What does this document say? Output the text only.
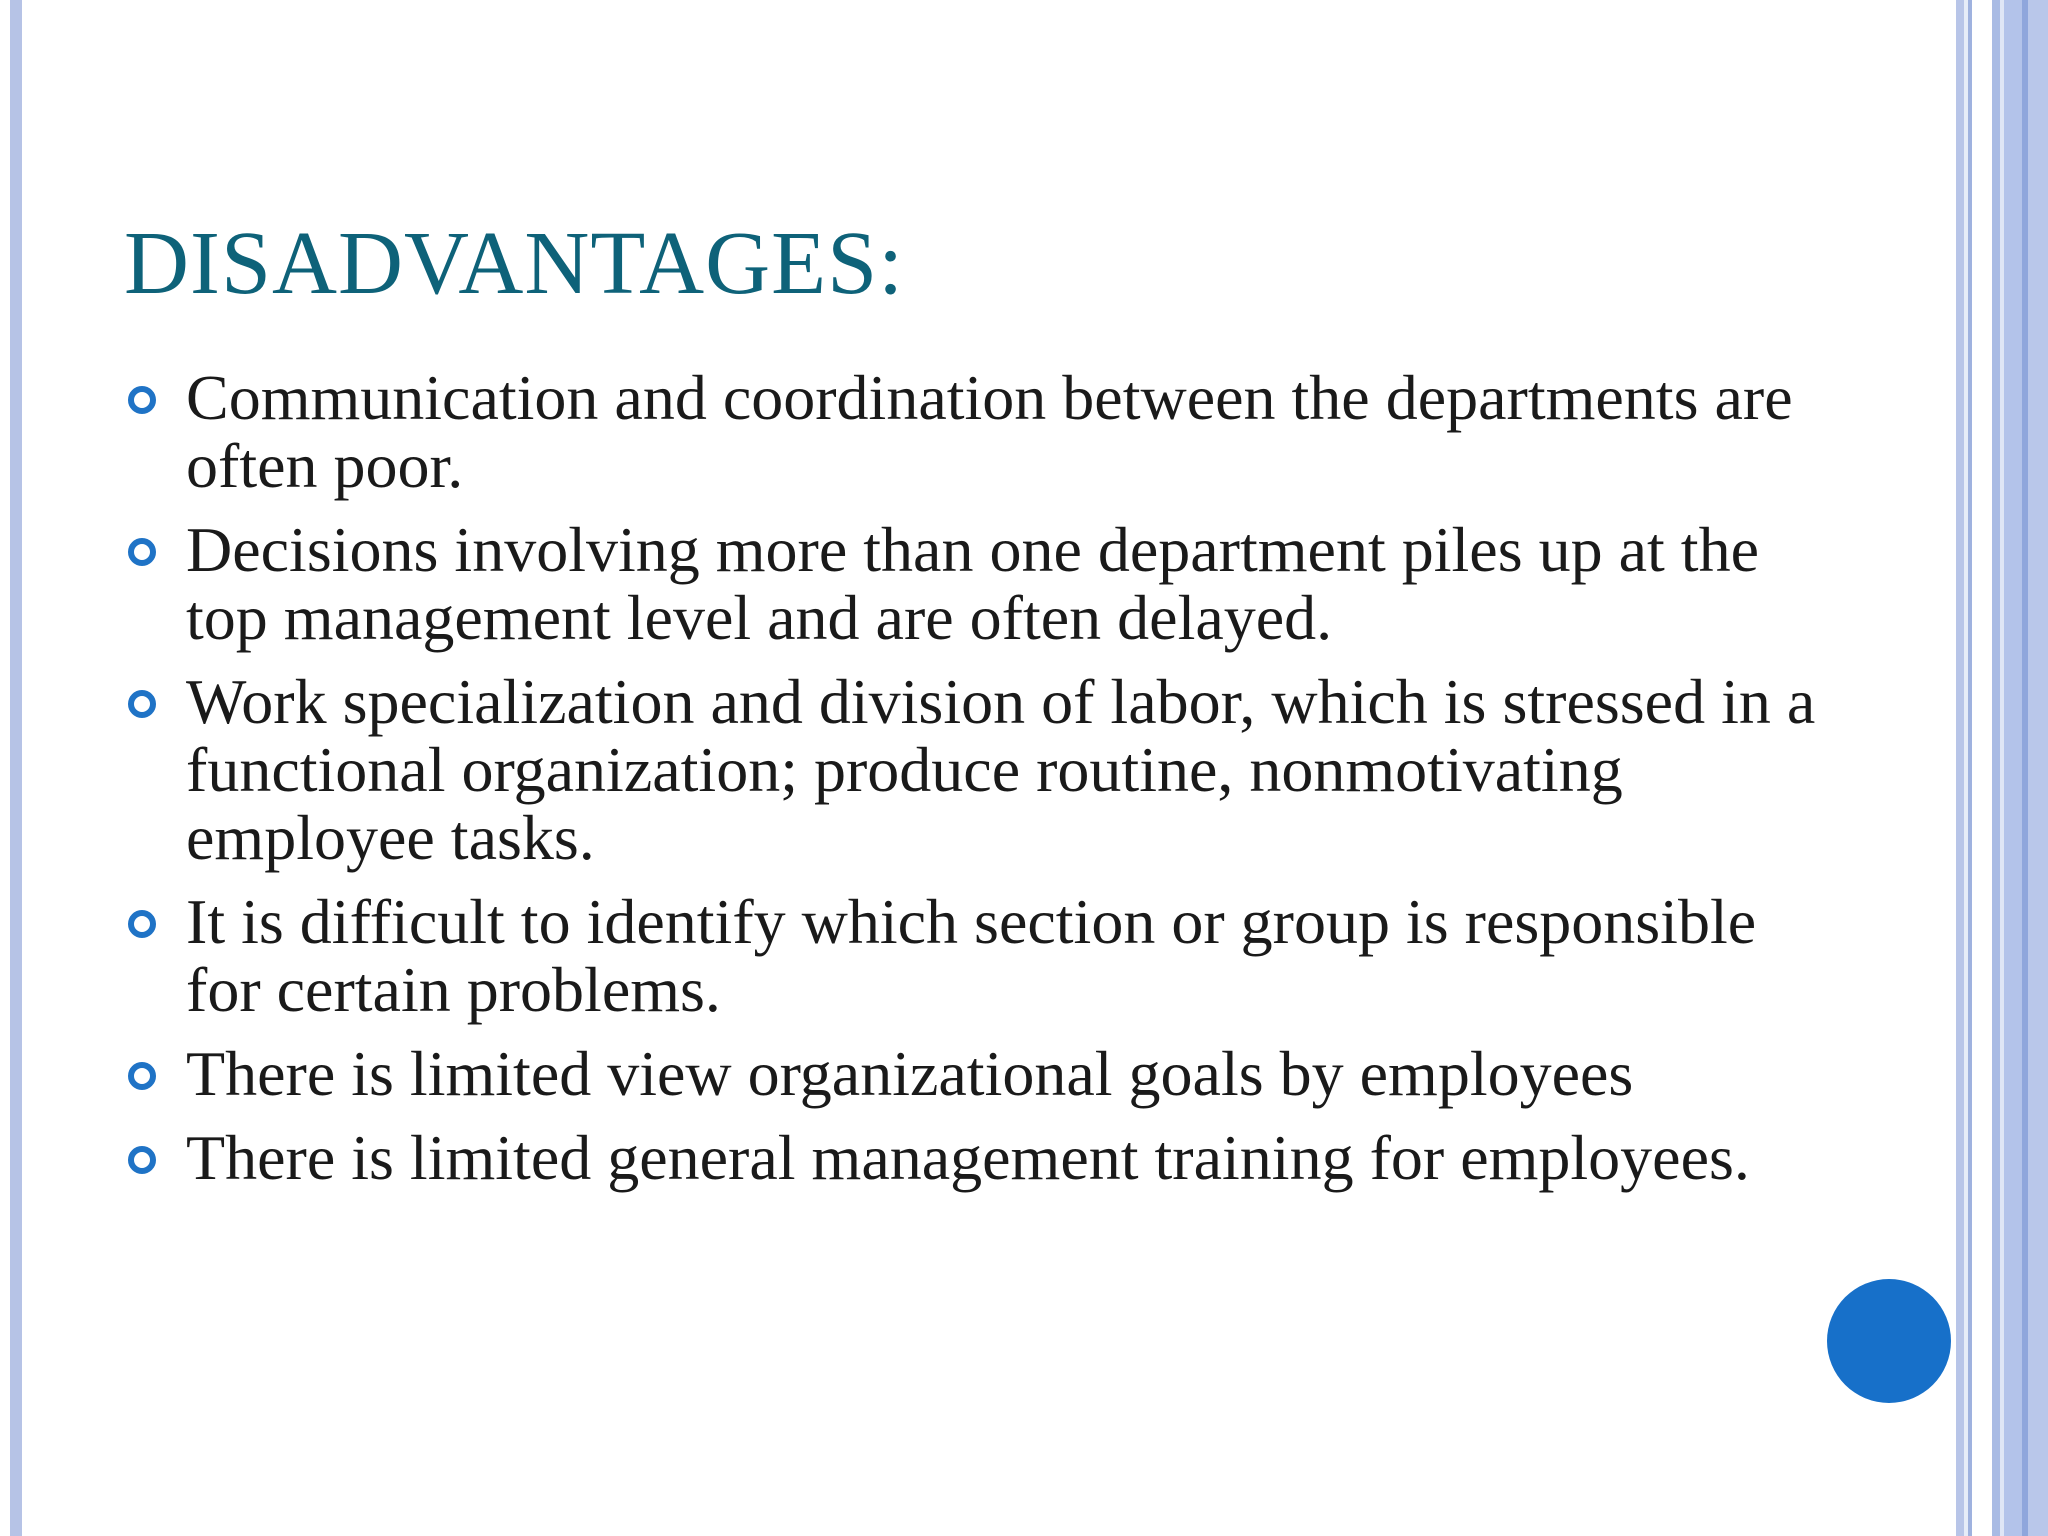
DISADVANTAGES:
Communication and coordination between the departments are often poor.
Decisions involving more than one department piles up at the top management level and are often delayed.
Work specialization and division of labor, which is stressed in a functional organization; produce routine, nonmotivating employee tasks.
It is difficult to identify which section or group is responsible for certain problems.
There is limited view organizational goals by employees
There is limited general management training for employees.
